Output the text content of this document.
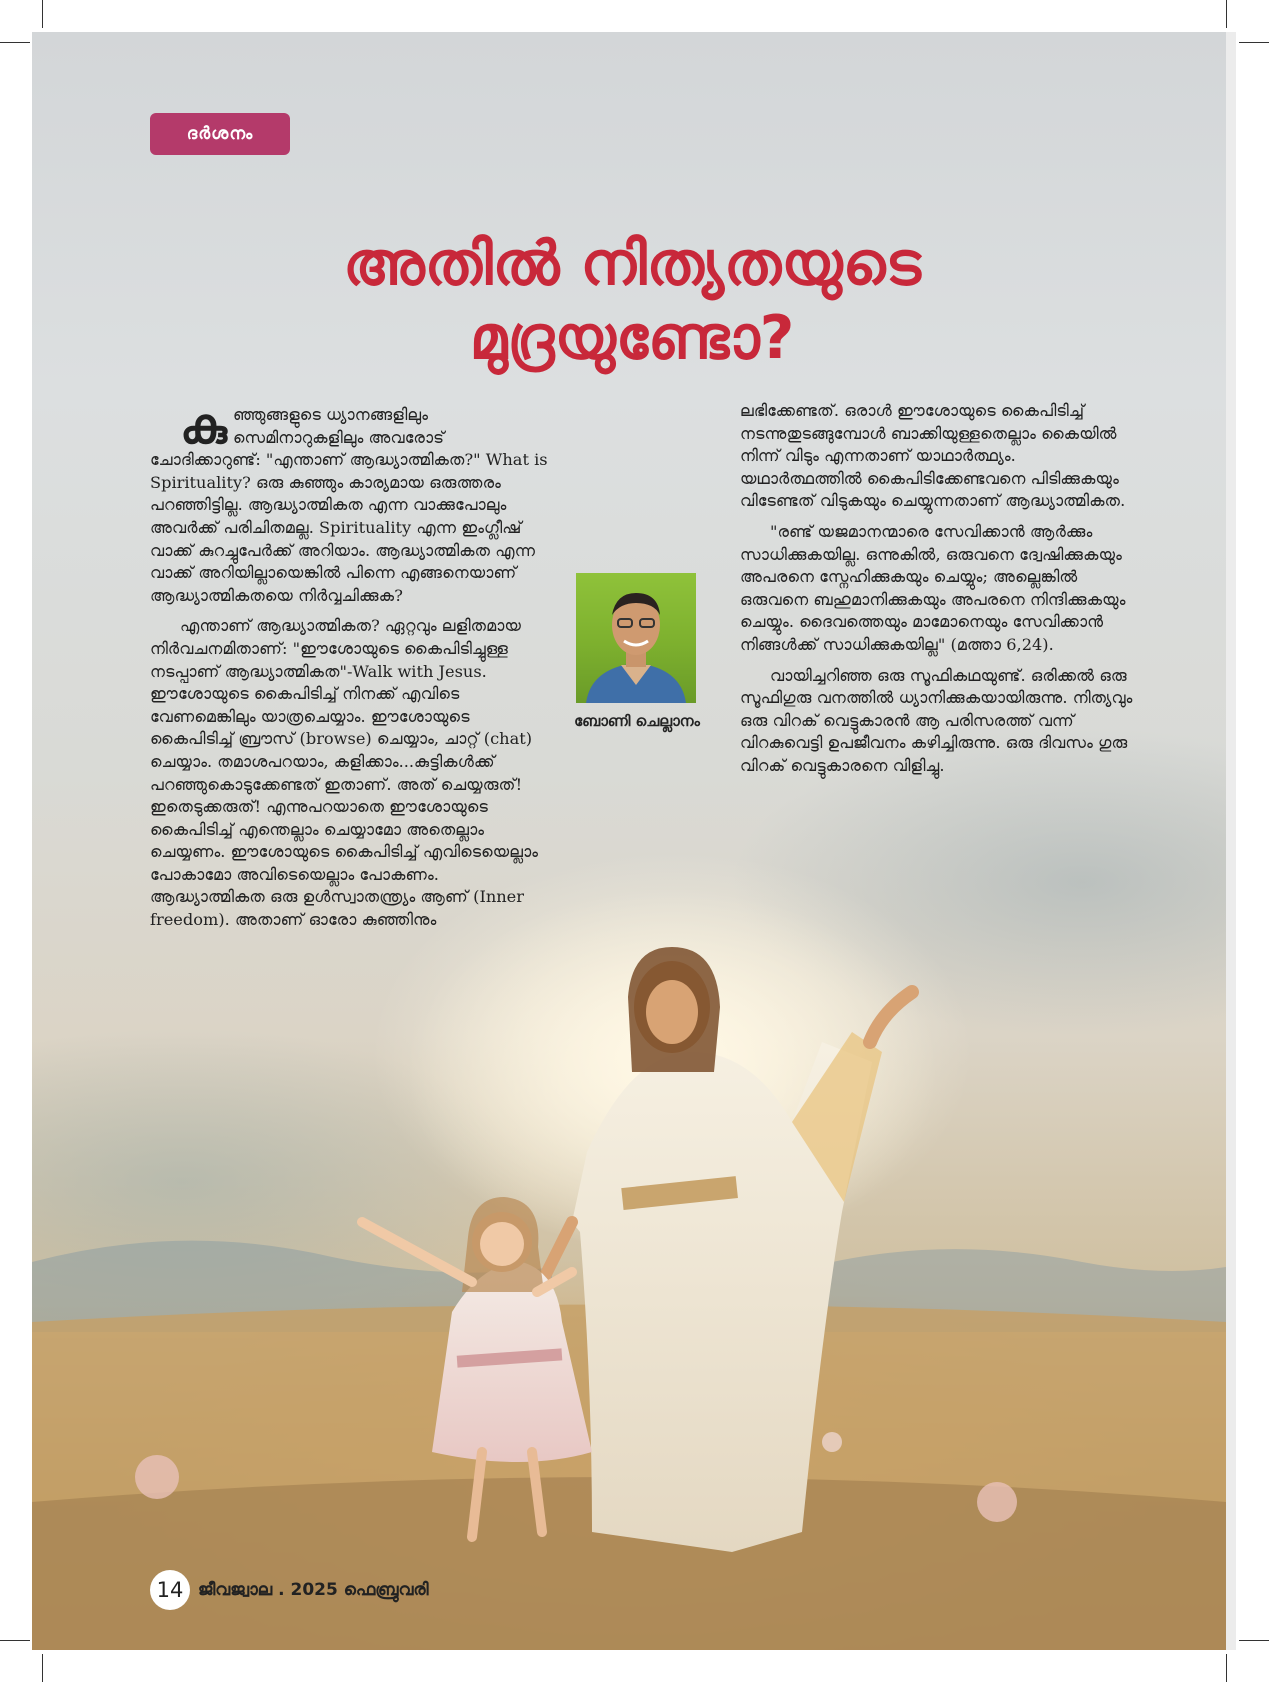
ദർശനം
അതിൽ നിത്യതയുടെ
മുദ്രയുണ്ടോ?

കുഞ്ഞുങ്ങളുടെ ധ്യാനങ്ങളിലും സെമിനാറുകളിലും അവരോട് ചോദിക്കാറുണ്ട്: "എന്താണ് ആദ്ധ്യാത്മികത?" What is Spirituality? ഒരു കുഞ്ഞും കാര്യമായ ഒരുത്തരം പറഞ്ഞിട്ടില്ല. ആദ്ധ്യാത്മികത എന്ന വാക്കുപോലും അവർക്ക് പരിചിതമല്ല. Spirituality എന്ന ഇംഗ്ലീഷ് വാക്ക് കുറച്ചുപേർക്ക് അറിയാം. ആദ്ധ്യാത്മികത എന്ന വാക്ക് അറിയില്ലായെങ്കിൽ പിന്നെ എങ്ങനെയാണ് ആദ്ധ്യാത്മികതയെ നിർവ്വചിക്കുക?

എന്താണ് ആദ്ധ്യാത്മികത? ഏറ്റവും ലളിതമായ നിർവചനമിതാണ്: "ഈശോയുടെ കൈപിടിച്ചുള്ള നടപ്പാണ് ആദ്ധ്യാത്മികത"-Walk with Jesus. ഈശോയുടെ കൈപിടിച്ച് നിനക്ക് എവിടെ വേണമെങ്കിലും യാത്രചെയ്യാം. ഈശോയുടെ കൈപിടിച്ച് ബ്രൗസ് (browse) ചെയ്യാം, ചാറ്റ് (chat) ചെയ്യാം. തമാശപറയാം, കളിക്കാം...കുട്ടികൾക്ക് പറഞ്ഞുകൊടുക്കേണ്ടത് ഇതാണ്. അത് ചെയ്യരുത്! ഇതെടുക്കരുത്! എന്നുപറയാതെ ഈശോയുടെ കൈപിടിച്ച് എന്തെല്ലാം ചെയ്യാമോ അതെല്ലാം ചെയ്യണം. ഈശോയുടെ കൈപിടിച്ച് എവിടെയെല്ലാം പോകാമോ അവിടെയെല്ലാം പോകണം. ആദ്ധ്യാത്മികത ഒരു ഉൾസ്വാതന്ത്ര്യം ആണ് (Inner freedom). അതാണ് ഓരോ കുഞ്ഞിനും

ബോണി ചെല്ലാനം

ലഭിക്കേണ്ടത്. ഒരാൾ ഈശോയുടെ കൈപിടിച്ച് നടന്നുതുടങ്ങുമ്പോൾ ബാക്കിയുള്ളതെല്ലാം കൈയിൽ നിന്ന് വിടും എന്നതാണ് യാഥാർത്ഥ്യം. യഥാർത്ഥത്തിൽ കൈപിടിക്കേണ്ടവനെ പിടിക്കുകയും വിടേണ്ടത് വിടുകയും ചെയ്യുന്നതാണ് ആദ്ധ്യാത്മികത.

"രണ്ട് യജമാനന്മാരെ സേവിക്കാൻ ആർക്കും സാധിക്കുകയില്ല. ഒന്നുകിൽ, ഒരുവനെ ദ്വേഷിക്കുകയും അപരനെ സ്നേഹിക്കുകയും ചെയ്യും; അല്ലെങ്കിൽ ഒരുവനെ ബഹുമാനിക്കുകയും അപരനെ നിന്ദിക്കുകയും ചെയ്യും. ദൈവത്തെയും മാമോനെയും സേവിക്കാൻ നിങ്ങൾക്ക് സാധിക്കുകയില്ല" (മത്താ 6,24).

വായിച്ചറിഞ്ഞ ഒരു സൂഫികഥയുണ്ട്. ഒരിക്കൽ ഒരു സൂഫിഗുരു വനത്തിൽ ധ്യാനിക്കുകയായിരുന്നു. നിത്യവും ഒരു വിറക് വെട്ടുകാരൻ ആ പരിസരത്ത് വന്ന് വിറകുവെട്ടി ഉപജീവനം കഴിച്ചിരുന്നു. ഒരു ദിവസം ഗുരു വിറക് വെട്ടുകാരനെ വിളിച്ചു.

14 ജീവജ്വാല . 2025 ഫെബ്രുവരി
